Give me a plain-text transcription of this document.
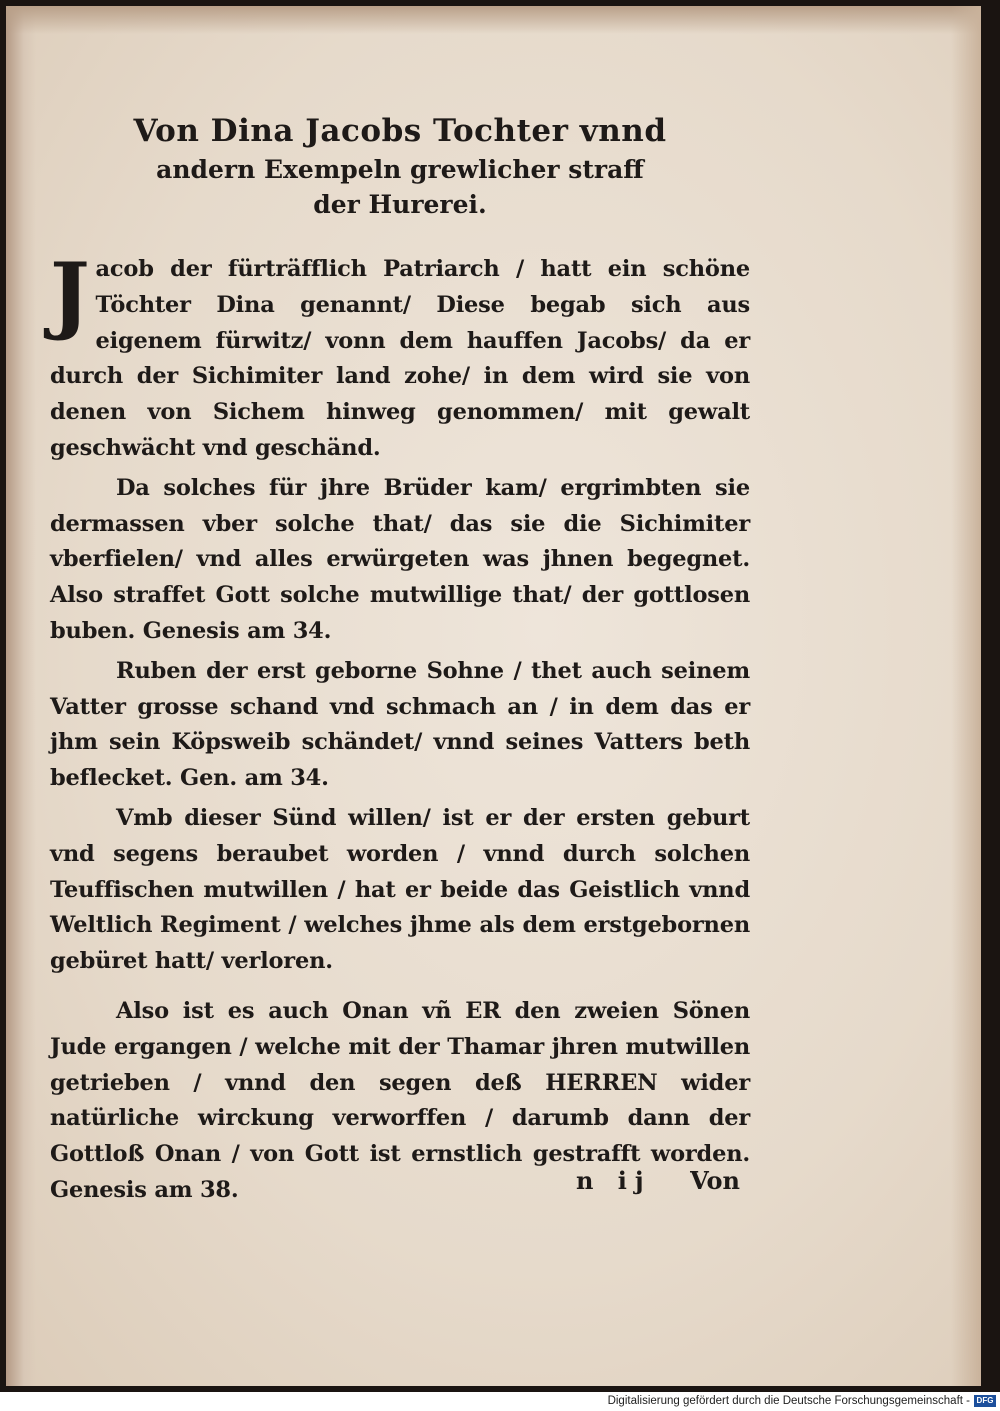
Von Dina Jacobs Tochter vnnd
andern Exempeln grewlicher straff
der Hurerei.

Jacob der fürträfflich Patriarch / hatt ein schöne Töchter Dina genannt/ Diese begab sich aus eigenem fürwitz/ vonn dem hauffen Jacobs/ da er durch der Sichimiter land zohe/ in dem wird sie von denen von Sichem hinweg genommen/ mit gewalt geschwächt vnd geschänd.

Da solches für jhre Brüder kam/ ergrimbten sie dermassen vber solche that/ das sie die Sichimiter vberfielen/ vnd alles erwürgeten was jhnen begegnet. Also straffet Gott solche mutwillige that/ der gottlosen buben. Genesis am 34.

Ruben der erst geborne Sohne / thet auch seinem Vatter grosse schand vnd schmach an / in dem das er jhm sein Köpsweib schändet/ vnnd seines Vatters beth beflecket. Gen. am 34.

Vmb dieser Sünd willen/ ist er der ersten geburt vnd segens beraubet worden / vnnd durch solchen Teuffischen mutwillen / hat er beide das Geistlich vnnd Weltlich Regiment / welches jhme als dem erstgebornen gebüret hatt/ verloren.

Also ist es auch Onan vñ ER den zweien Sönen Jude ergangen / welche mit der Thamar jhren mutwillen getrieben / vnnd den segen deß HERREN wider natürliche wirckung verworffen / darumb dann der Gottloß Onan / von Gott ist ernstlich gestrafft worden. Genesis am 38.	n ij Von
Digitalisierung gefördert durch die Deutsche Forschungsgemeinschaft - DFG
